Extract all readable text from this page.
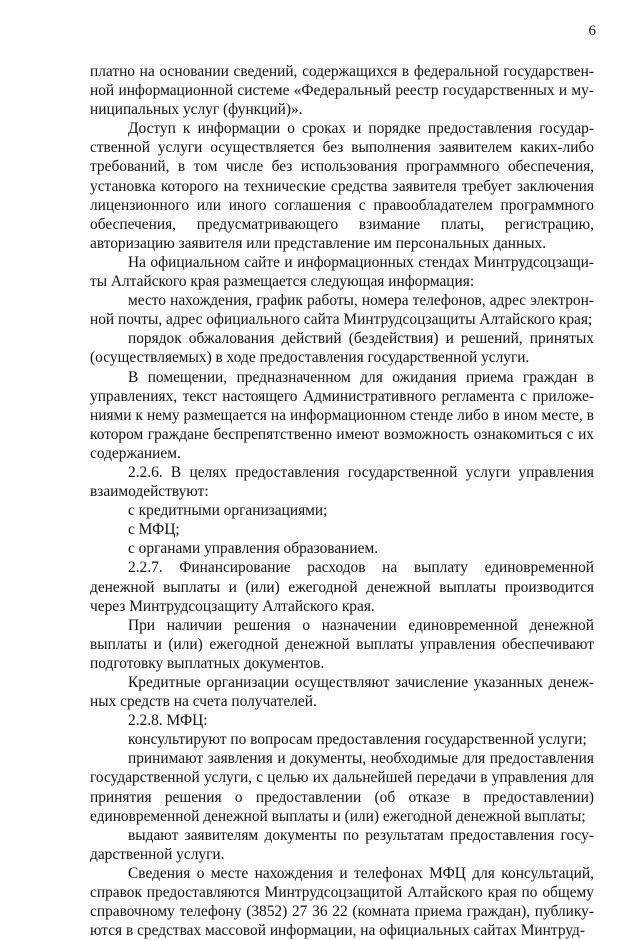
6

платно на основании сведений, содержащихся в федеральной государственной информационной системе «Федеральный реестр государственных и муниципальных услуг (функций)».

Доступ к информации о сроках и порядке предоставления государственной услуги осуществляется без выполнения заявителем каких-либо требований, в том числе без использования программного обеспечения, установка которого на технические средства заявителя требует заключения лицензионного или иного соглашения с правообладателем программного обеспечения, предусматривающего взимание платы, регистрацию, авторизацию заявителя или представление им персональных данных.

На официальном сайте и информационных стендах Минтрудсоцзащиты Алтайского края размещается следующая информация:

место нахождения, график работы, номера телефонов, адрес электронной почты, адрес официального сайта Минтрудсоцзащиты Алтайского края;

порядок обжалования действий (бездействия) и решений, принятых (осуществляемых) в ходе предоставления государственной услуги.

В помещении, предназначенном для ожидания приема граждан в управлениях, текст настоящего Административного регламента с приложениями к нему размещается на информационном стенде либо в ином месте, в котором граждане беспрепятственно имеют возможность ознакомиться с их содержанием.

2.2.6. В целях предоставления государственной услуги управления взаимодействуют:

с кредитными организациями;

с МФЦ;

с органами управления образованием.

2.2.7. Финансирование расходов на выплату единовременной денежной выплаты и (или) ежегодной денежной выплаты производится через Минтрудсоцзащиту Алтайского края.

При наличии решения о назначении единовременной денежной выплаты и (или) ежегодной денежной выплаты управления обеспечивают подготовку выплатных документов.

Кредитные организации осуществляют зачисление указанных денежных средств на счета получателей.

2.2.8. МФЦ:

консультируют по вопросам предоставления государственной услуги;

принимают заявления и документы, необходимые для предоставления государственной услуги, с целью их дальнейшей передачи в управления для принятия решения о предоставлении (об отказе в предоставлении) единовременной денежной выплаты и (или) ежегодной денежной выплаты;

выдают заявителям документы по результатам предоставления государственной услуги.

Сведения о месте нахождения и телефонах МФЦ для консультаций, справок предоставляются Минтрудсоцзащитой Алтайского края по общему справочному телефону (3852) 27 36 22 (комната приема граждан), публикуются в средствах массовой информации, на официальных сайтах Минтруд-
